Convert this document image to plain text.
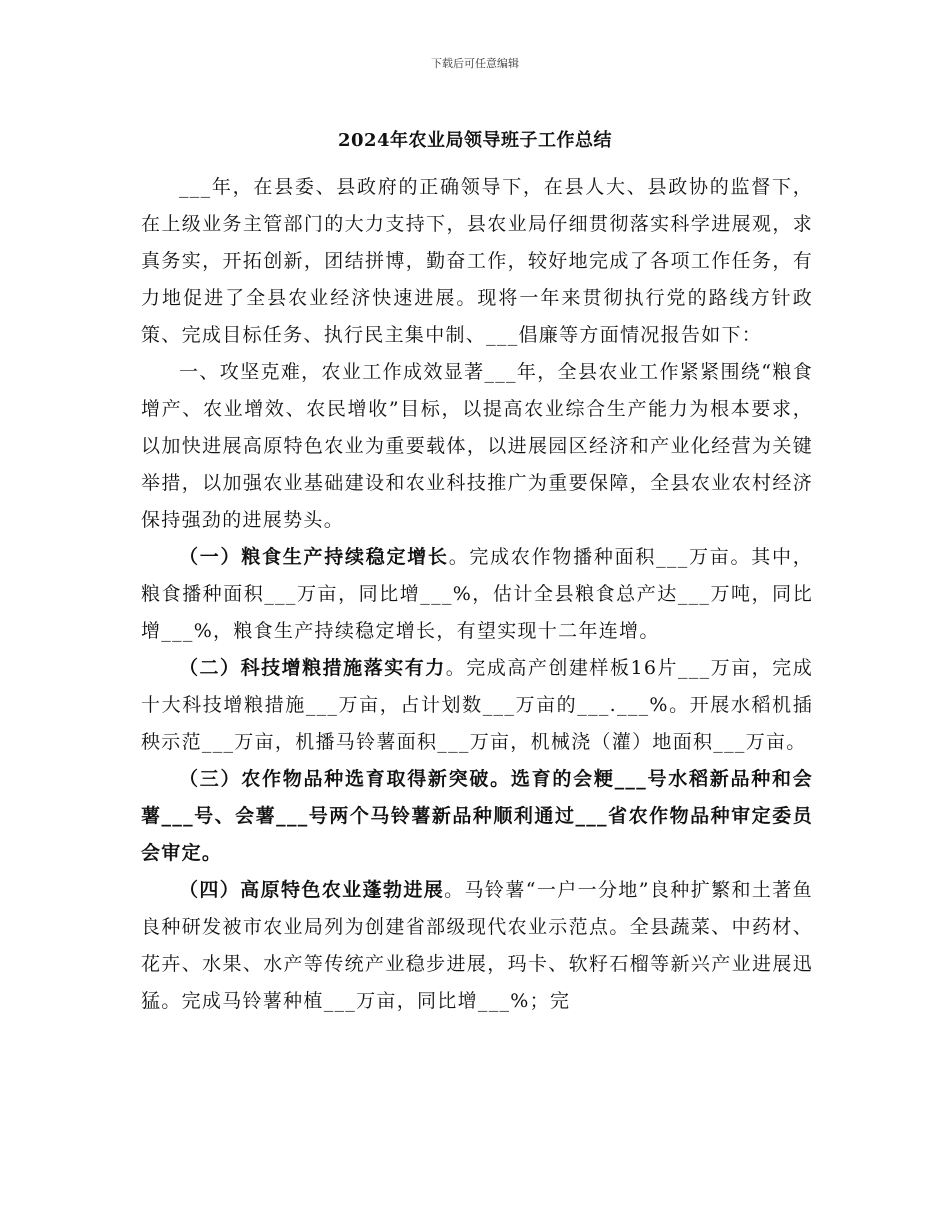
下载后可任意编辑
2024年农业局领导班子工作总结

___年，在县委、县政府的正确领导下，在县人大、县政协的监督下，在上级业务主管部门的大力支持下，县农业局仔细贯彻落实科学进展观，求真务实，开拓创新，团结拼博，勤奋工作，较好地完成了各项工作任务，有力地促进了全县农业经济快速进展。现将一年来贯彻执行党的路线方针政策、完成目标任务、执行民主集中制、___倡廉等方面情况报告如下：

一、攻坚克难，农业工作成效显著___年，全县农业工作紧紧围绕“粮食增产、农业增效、农民增收”目标，以提高农业综合生产能力为根本要求，以加快进展高原特色农业为重要载体，以进展园区经济和产业化经营为关键举措，以加强农业基础建设和农业科技推广为重要保障，全县农业农村经济保持强劲的进展势头。

（一）粮食生产持续稳定增长。完成农作物播种面积___万亩。其中，粮食播种面积___万亩，同比增___%，估计全县粮食总产达___万吨，同比增___%，粮食生产持续稳定增长，有望实现十二年连增。

（二）科技增粮措施落实有力。完成高产创建样板16片___万亩，完成十大科技增粮措施___万亩，占计划数___万亩的___.___%。开展水稻机插秧示范___万亩，机播马铃薯面积___万亩，机械浇（灌）地面积___万亩。

（三）农作物品种选育取得新突破。选育的会粳___号水稻新品种和会薯___号、会薯___号两个马铃薯新品种顺利通过___省农作物品种审定委员会审定。

（四）高原特色农业蓬勃进展。马铃薯“一户一分地”良种扩繁和土著鱼良种研发被市农业局列为创建省部级现代农业示范点。全县蔬菜、中药材、花卉、水果、水产等传统产业稳步进展，玛卡、软籽石榴等新兴产业进展迅猛。完成马铃薯种植___万亩，同比增___%；完
